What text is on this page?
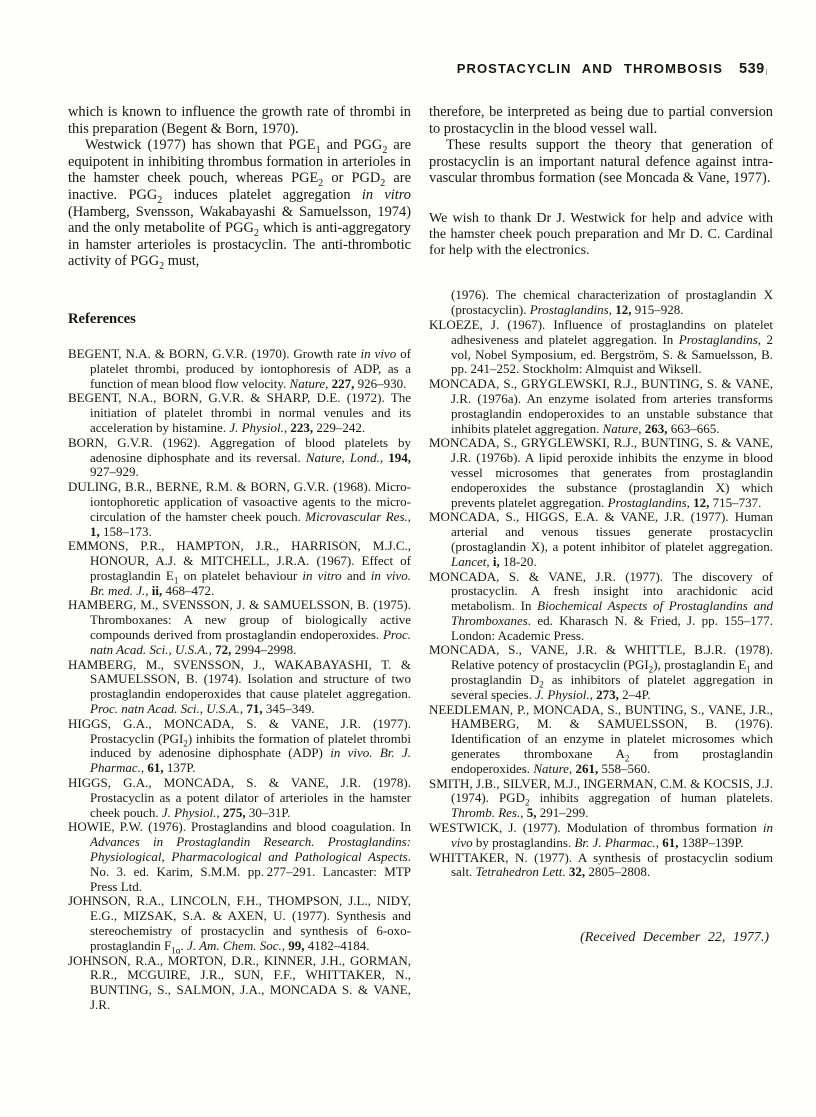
PROSTACYCLIN AND THROMBOSIS 539i

which is known to influence the growth rate of thrombi in this preparation (Begent & Born, 1970).

Westwick (1977) has shown that $PGE_1$ and $PGG_2$ are equipotent in inhibiting thrombus formation in arterioles in the hamster cheek pouch, whereas $PGE_2$ or $PGD_2$ are inactive. $PGG_2$ induces platelet aggregation in vitro (Hamberg, Svensson, Wakabayashi & Samuelsson, 1974) and the only metabolite of $PGG_2$ which is anti-aggregatory in hamster arterioles is prostacyclin. The anti-thrombotic activity of $PGG_2$ must,

References

BEGENT, N.A. & BORN, G.V.R. (1970). Growth rate in vivo of platelet thrombi, produced by iontophoresis of ADP, as a function of mean blood flow velocity. Nature, 227, 926–930.

BEGENT, N.A., BORN, G.V.R. & SHARP, D.E. (1972). The initiation of platelet thrombi in normal venules and its acceleration by histamine. J. Physiol., 223, 229–242.

BORN, G.V.R. (1962). Aggregation of blood platelets by adenosine diphosphate and its reversal. Nature, Lond., 194, 927–929.

DULING, B.R., BERNE, R.M. & BORN, G.V.R. (1968). Micro-iontophoretic application of vasoactive agents to the micro-circulation of the hamster cheek pouch. Microvascular Res., 1, 158–173.

EMMONS, P.R., HAMPTON, J.R., HARRISON, M.J.C., HONOUR, A.J. & MITCHELL, J.R.A. (1967). Effect of prostaglandin $E_1$ on platelet behaviour in vitro and in vivo. Br. med. J., ii, 468–472.

HAMBERG, M., SVENSSON, J. & SAMUELSSON, B. (1975). Thromboxanes: A new group of biologically active compounds derived from prostaglandin endoperoxides. Proc. natn Acad. Sci., U.S.A., 72, 2994–2998.

HAMBERG, M., SVENSSON, J., WAKABAYASHI, T. & SAMUELSSON, B. (1974). Isolation and structure of two prostaglandin endoperoxides that cause platelet aggregation. Proc. natn Acad. Sci., U.S.A., 71, 345–349.

HIGGS, G.A., MONCADA, S. & VANE, J.R. (1977). Prostacyclin $(PGI_2)$ inhibits the formation of platelet thrombi induced by adenosine diphosphate (ADP) in vivo. Br. J. Pharmac., 61, 137P.

HIGGS, G.A., MONCADA, S. & VANE, J.R. (1978). Prostacyclin as a potent dilator of arterioles in the hamster cheek pouch. J. Physiol., 275, 30–31P.

HOWIE, P.W. (1976). Prostaglandins and blood coagulation. In Advances in Prostaglandin Research. Prostaglandins: Physiological, Pharmacological and Pathological Aspects. No. 3. ed. Karim, S.M.M. pp. 277–291. Lancaster: MTP Press Ltd.

JOHNSON, R.A., LINCOLN, F.H., THOMPSON, J.L., NIDY, E.G., MIZSAK, S.A. & AXEN, U. (1977). Synthesis and stereochemistry of prostacyclin and synthesis of 6-oxo-prostaglandin $F_{1\alpha}$. J. Am. Chem. Soc., 99, 4182–4184.

JOHNSON, R.A., MORTON, D.R., KINNER, J.H., GORMAN, R.R., MCGUIRE, J.R., SUN, F.F., WHITTAKER, N., BUNTING, S., SALMON, J.A., MONCADA S. & VANE, J.R.

therefore, be interpreted as being due to partial conversion to prostacyclin in the blood vessel wall.

These results support the theory that generation of prostacyclin is an important natural defence against intra-vascular thrombus formation (see Moncada & Vane, 1977).

We wish to thank Dr J. Westwick for help and advice with the hamster cheek pouch preparation and Mr D. C. Cardinal for help with the electronics.

(1976). The chemical characterization of prostaglandin X (prostacyclin). Prostaglandins, 12, 915–928.

KLOEZE, J. (1967). Influence of prostaglandins on platelet adhesiveness and platelet aggregation. In Prostaglandins, 2 vol, Nobel Symposium, ed. Bergström, S. & Samuelsson, B. pp. 241–252. Stockholm: Almquist and Wiksell.

MONCADA, S., GRYGLEWSKI, R.J., BUNTING, S. & VANE, J.R. (1976a). An enzyme isolated from arteries transforms prostaglandin endoperoxides to an unstable substance that inhibits platelet aggregation. Nature, 263, 663–665.

MONCADA, S., GRYGLEWSKI, R.J., BUNTING, S. & VANE, J.R. (1976b). A lipid peroxide inhibits the enzyme in blood vessel microsomes that generates from prostaglandin endoperoxides the substance (prostaglandin X) which prevents platelet aggregation. Prostaglandins, 12, 715–737.

MONCADA, S., HIGGS, E.A. & VANE, J.R. (1977). Human arterial and venous tissues generate prostacyclin (prostaglandin X), a potent inhibitor of platelet aggregation. Lancet, i, 18-20.

MONCADA, S. & VANE, J.R. (1977). The discovery of prostacyclin. A fresh insight into arachidonic acid metabolism. In Biochemical Aspects of Prostaglandins and Thromboxanes. ed. Kharasch N. & Fried, J. pp. 155–177. London: Academic Press.

MONCADA, S., VANE, J.R. & WHITTLE, B.J.R. (1978). Relative potency of prostacyclin $(PGI_2)$, prostaglandin $E_1$ and prostaglandin $D_2$ as inhibitors of platelet aggregation in several species. J. Physiol., 273, 2–4P.

NEEDLEMAN, P., MONCADA, S., BUNTING, S., VANE, J.R., HAMBERG, M. & SAMUELSSON, B. (1976). Identification of an enzyme in platelet microsomes which generates thromboxane $A_2$ from prostaglandin endoperoxides. Nature, 261, 558–560.

SMITH, J.B., SILVER, M.J., INGERMAN, C.M. & KOCSIS, J.J. (1974). $PGD_2$ inhibits aggregation of human platelets. Thromb. Res., 5, 291–299.

WESTWICK, J. (1977). Modulation of thrombus formation in vivo by prostaglandins. Br. J. Pharmac., 61, 138P–139P.

WHITTAKER, N. (1977). A synthesis of prostacyclin sodium salt. Tetrahedron Lett. 32, 2805–2808.

(Received December 22, 1977.)
